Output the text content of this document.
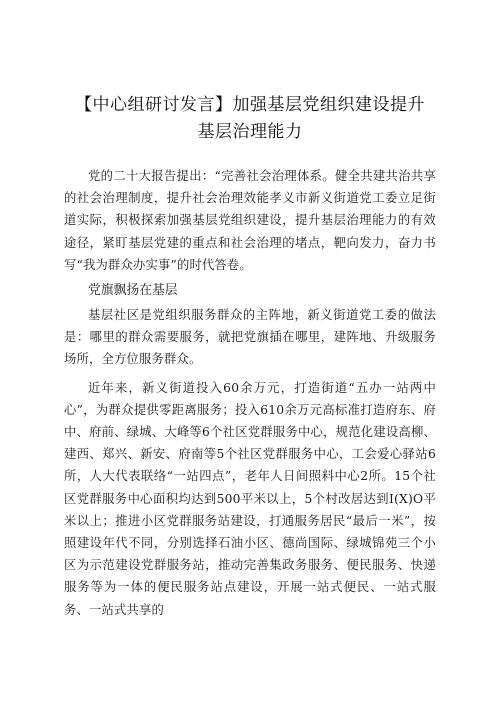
【中心组研讨发言】加强基层党组织建设提升
基层治理能力

党的二十大报告提出：“完善社会治理体系。健全共建共治共享的社会治理制度，提升社会治理效能孝义市新义街道党工委立足街道实际，积极探索加强基层党组织建设，提升基层治理能力的有效途径，紧盯基层党建的重点和社会治理的堵点，靶向发力，奋力书写“我为群众办实事”的时代答卷。

党旗飘扬在基层

基层社区是党组织服务群众的主阵地，新义街道党工委的做法是：哪里的群众需要服务，就把党旗插在哪里，建阵地、升级服务场所，全方位服务群众。

近年来，新义街道投入60余万元，打造街道“五办一站两中心”，为群众提供零距离服务；投入610余万元高标准打造府东、府中、府前、绿城、大峰等6个社区党群服务中心，规范化建设高柳、建西、郑兴、新安、府南等5个社区党群服务中心，工会爱心驿站6所，人大代表联络“一站四点”，老年人日间照料中心2所。15个社区党群服务中心面积均达到500平米以上，5个村改居达到I(X)O平米以上；推进小区党群服务站建设，打通服务居民“最后一米”，按照建设年代不同，分别选择石油小区、德尚国际、绿城锦苑三个小区为示范建设党群服务站，推动完善集政务服务、便民服务、快递服务等为一体的便民服务站点建设，开展一站式便民、一站式服务、一站式共享的
